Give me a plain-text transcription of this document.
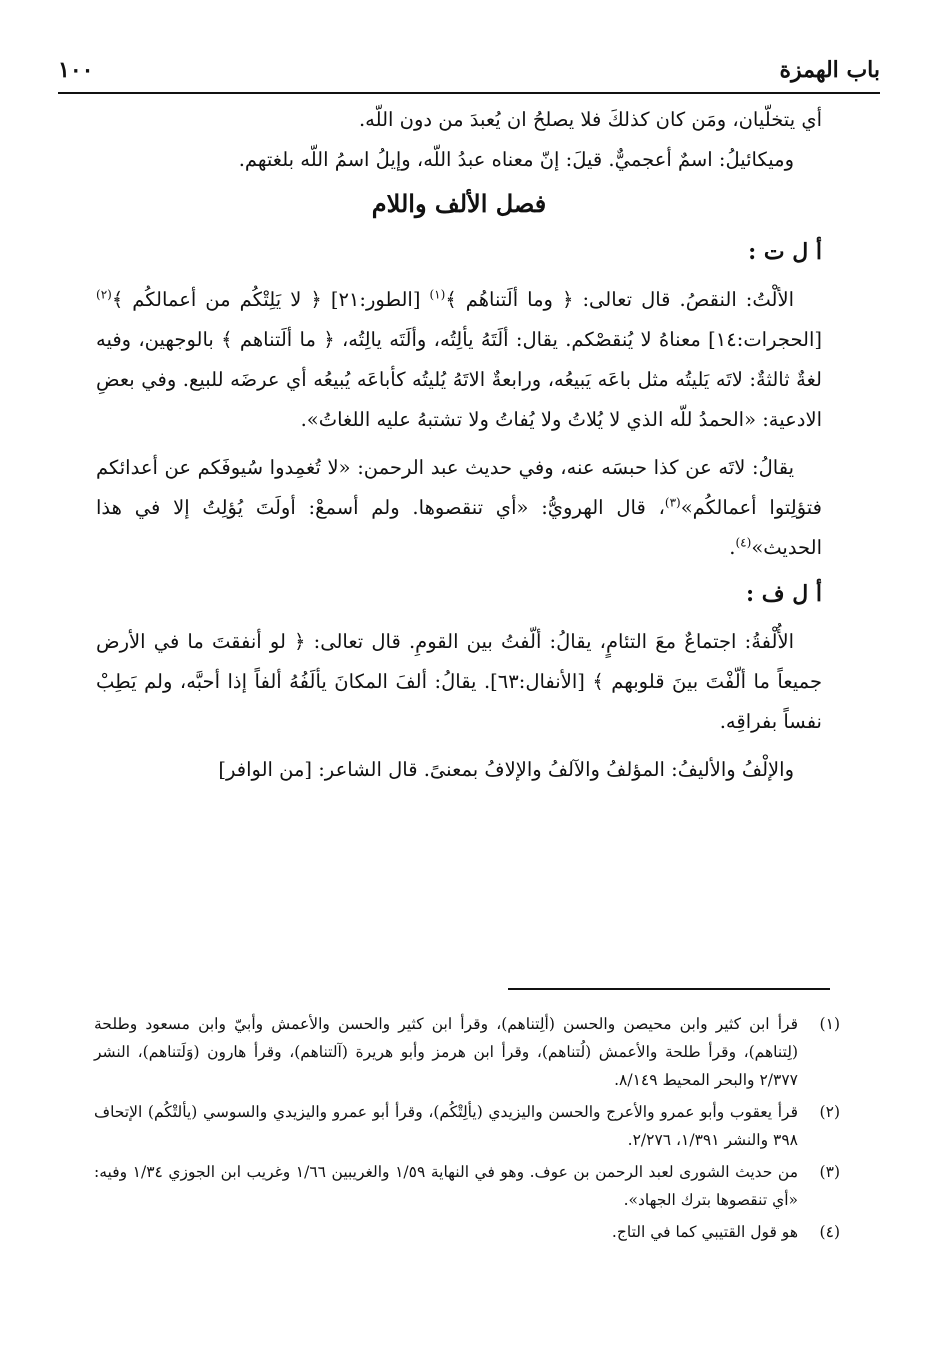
١٠٠	باب الهمزة

أي يتخلّيان، ومَن كان كذلكَ فلا يصلحُ ان يُعبدَ من دون اللّه.

وميكائيلُ: اسمٌ أعجميٌّ. قيلَ: إنّ معناه عبدُ اللّه، وإيلُ اسمُ اللّه بلغتهم.

فصل الألف واللام
أ ل ت :

الألْتُ: النقصُ. قال تعالى: ﴿ وما ألَتناهُم ﴾$^{(١)}$ [الطور:٢١] ﴿ لا يَلِتْكُم من أعمالكُم ﴾$^{(٢)}$ [الحجرات:١٤] معناهُ لا يُنقصْكم. يقال: ألَتَهُ يألِتُه، وألَتَه يالِتُه، ﴿ ما ألَتناهم ﴾ بالوجهين، وفيه لغةٌ ثالثةٌ: لاتَه يَليتُه مثل باعَه يَبيعُه، ورابعةٌ الاتَهُ يُليتُه كأباعَه يُبيعُه أي عرضَه للبيع. وفي بعضِ الادعية: «الحمدُ للّه الذي لا يُلاتُ ولا يُفاتُ ولا تشتبهُ عليه اللغاتُ».

يقالُ: لاتَه عن كذا حبسَه عنه، وفي حديث عبد الرحمن: «لا تُغمِدوا سُيوفَكم عن أعدائكم فتؤلِتوا أعمالكُم»$^{(٣)}$، قال الهرويُّ: «أي تنقصوها. ولم أسمعْ: أولَتَ يُؤلِتُ إلا في هذا الحديث»$^{(٤)}$.

أ ل ف :

الأُلْفةُ: اجتماعٌ معَ التئامٍ، يقالُ: ألّفتُ بين القومِ. قال تعالى: ﴿ لو أنفقتَ ما في الأرض جميعاً ما ألّفْتَ بينَ قلوبهم ﴾ [الأنفال:٦٣]. يقالُ: ألفَ المكانَ يألَفُهُ ألفاً إذا أحبَّه، ولم يَطِبْ نفساً بفراقِه.

والإلْفُ والأليفُ: المؤلفُ والآلفُ والإلافُ بمعنىً. قال الشاعر: [من الوافر]

(١)
قرأ ابن كثير وابن محيصن والحسن (ألِتناهم)، وقرأ ابن كثير والحسن والأعمش وأبيّ وابن مسعود وطلحة (لِتناهم)، وقرأ طلحة والأعمش (لُتناهم)، وقرأ ابن هرمز وأبو هريرة (آلتناهم)، وقرأ هارون (وَلَتناهم)، النشر ٢/٣٧٧ والبحر المحيط ٨/١٤٩.
(٢)
قرأ يعقوب وأبو عمرو والأعرج والحسن واليزيدي (يألِتْكُم)، وقرأ أبو عمرو واليزيدي والسوسي (يألتْكُم) الإتحاف ٣٩٨ والنشر ١/٣٩١، ٢/٢٧٦.
(٣)
من حديث الشورى لعبد الرحمن بن عوف. وهو في النهاية ١/٥٩ والغريبين ١/٦٦ وغريب ابن الجوزي ١/٣٤ وفيه: «أي تنقصوها بترك الجهاد».
(٤)
هو قول القتيبي كما في التاج.
